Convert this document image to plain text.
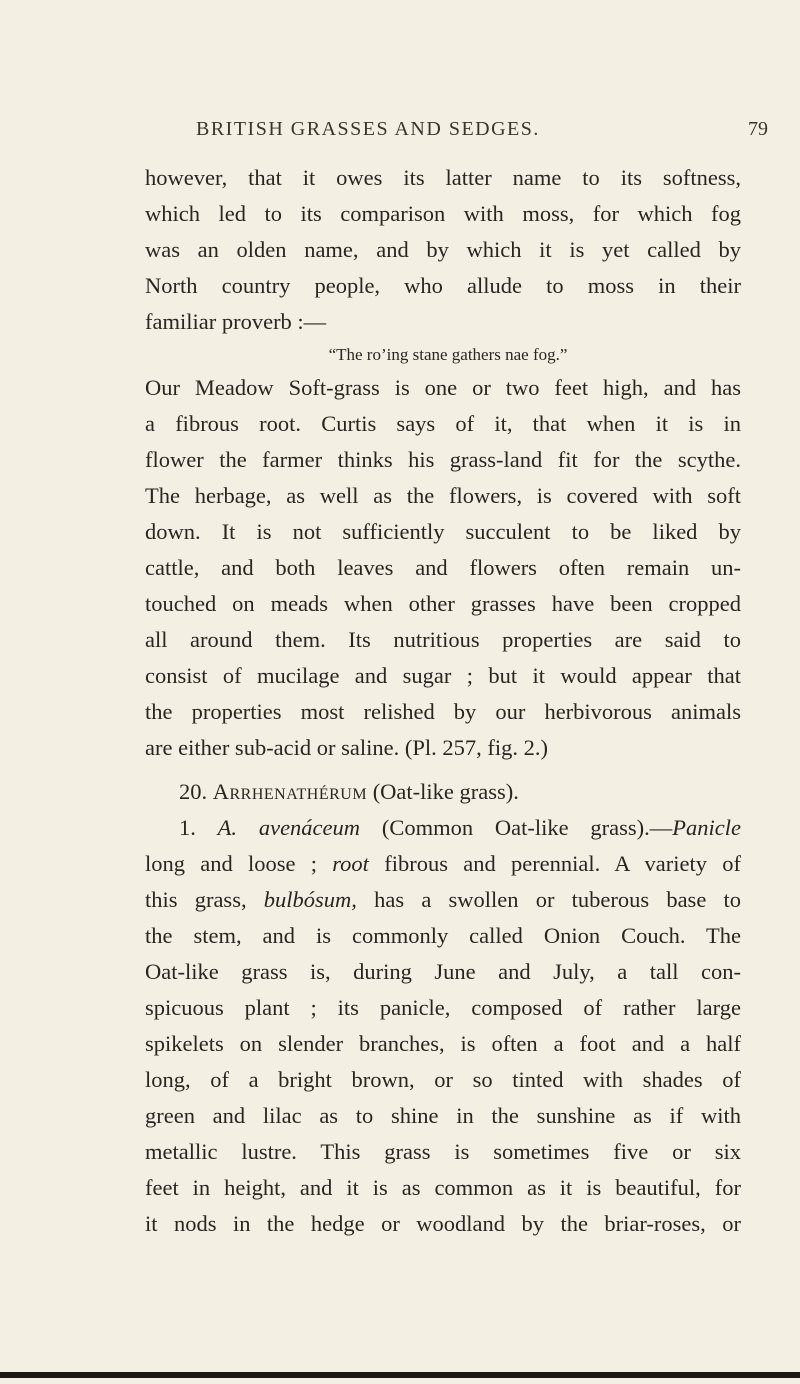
BRITISH GRASSES AND SEDGES.	79
however, that it owes its latter name to its softness,
which led to its comparison with moss, for which fog
was an olden name, and by which it is yet called by
North country people, who allude to moss in their
familiar proverb :—
“The ro’ing stane gathers nae fog.”
Our Meadow Soft-grass is one or two feet high, and has
a fibrous root. Curtis says of it, that when it is in
flower the farmer thinks his grass-land fit for the scythe.
The herbage, as well as the flowers, is covered with soft
down. It is not sufficiently succulent to be liked by
cattle, and both leaves and flowers often remain un-
touched on meads when other grasses have been cropped
all around them. Its nutritious properties are said to
consist of mucilage and sugar ; but it would appear that
the properties most relished by our herbivorous animals
are either sub-acid or saline. (Pl. 257, fig. 2.)
20. Arrhenathérum (Oat-like grass).
1. A. avenáceum (Common Oat-like grass).—Panicle
long and loose ; root fibrous and perennial. A variety of
this grass, bulbósum, has a swollen or tuberous base to
the stem, and is commonly called Onion Couch. The
Oat-like grass is, during June and July, a tall con-
spicuous plant ; its panicle, composed of rather large
spikelets on slender branches, is often a foot and a half
long, of a bright brown, or so tinted with shades of
green and lilac as to shine in the sunshine as if with
metallic lustre. This grass is sometimes five or six
feet in height, and it is as common as it is beautiful, for
it nods in the hedge or woodland by the briar-roses, or
